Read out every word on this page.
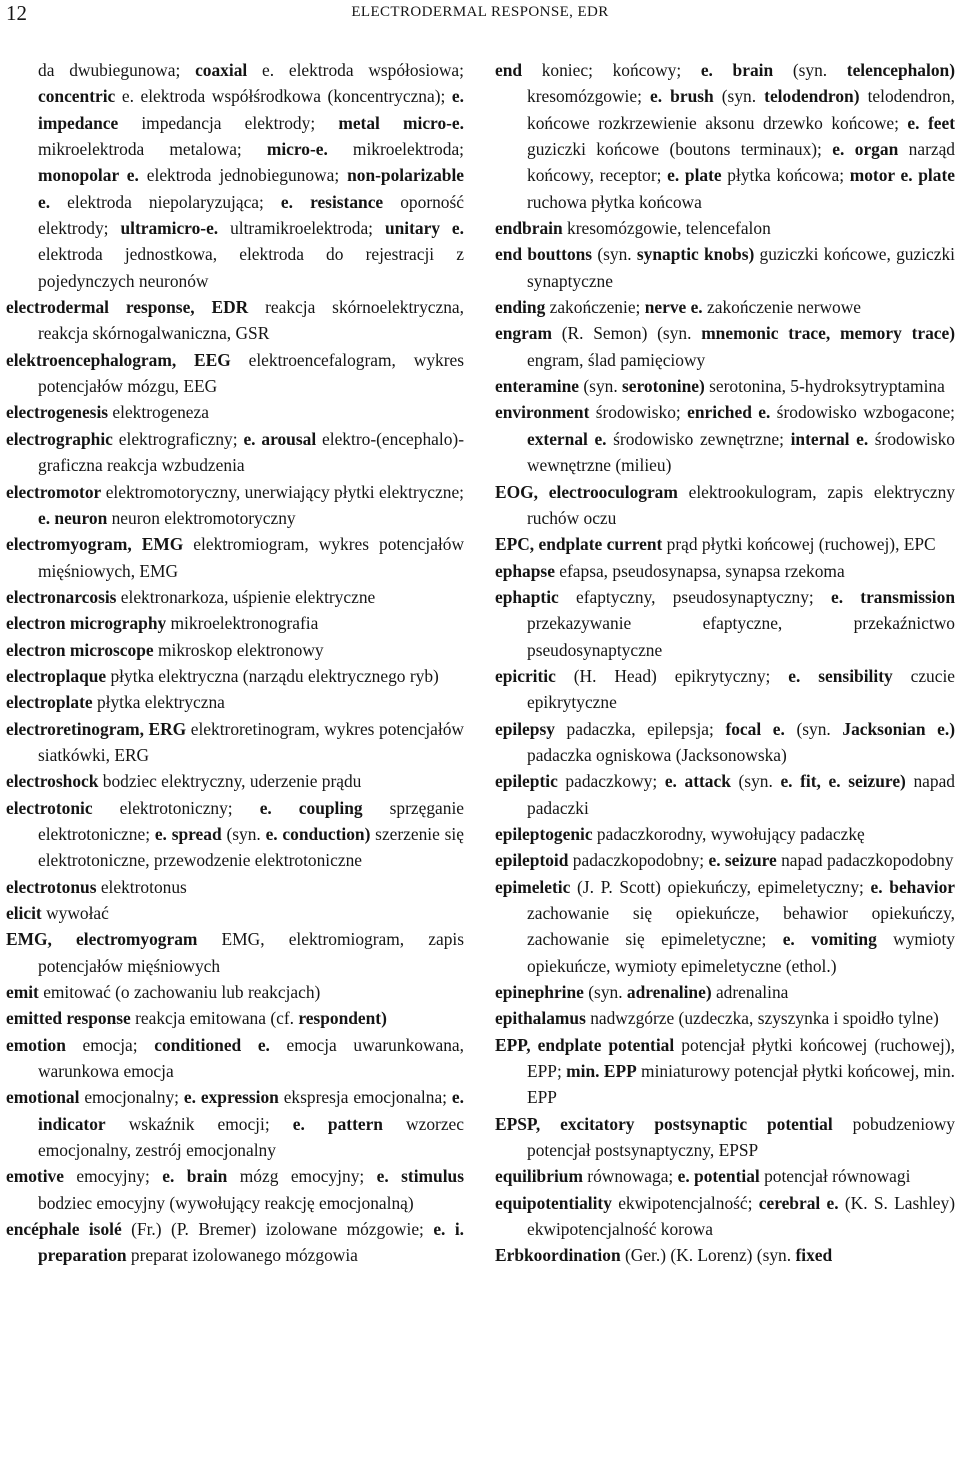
12	ELECTRODERMAL RESPONSE, EDR

da dwubiegunowa; coaxial e. elektroda współosiowa; concentric e. elektroda współśrodkowa (koncentryczna); e. impedance impedancja elektrody; metal micro-e. mikroelektroda metalowa; micro-e. mikroelektroda; monopolar e. elektroda jednobiegunowa; non-polarizable e. elektroda niepolaryzująca; e. resistance oporność elektrody; ultramicro-e. ultramikroelektroda; unitary e. elektroda jednostkowa, elektroda do rejestracji z pojedynczych neuronów

electrodermal response, EDR reakcja skórnoelektryczna, reakcja skórnogalwaniczna, GSR

elektroencephalogram, EEG elektroencefalogram, wykres potencjałów mózgu, EEG

electrogenesis elektrogeneza

electrographic elektrograficzny; e. arousal elektro-(encephalo)-graficzna reakcja wzbudzenia

electromotor elektromotoryczny, unerwiający płytki elektryczne; e. neuron neuron elektromotoryczny

electromyogram, EMG elektromiogram, wykres potencjałów mięśniowych, EMG

electronarcosis elektronarkoza, uśpienie elektryczne

electron micrography mikroelektronografia

electron microscope mikroskop elektronowy

electroplaque płytka elektryczna (narządu elektrycznego ryb)

electroplate płytka elektryczna

electroretinogram, ERG elektroretinogram, wykres potencjałów siatkówki, ERG

electroshock bodziec elektryczny, uderzenie prądu

electrotonic elektrotoniczny; e. coupling sprzęganie elektrotoniczne; e. spread (syn. e. conduction) szerzenie się elektrotoniczne, przewodzenie elektrotoniczne

electrotonus elektrotonus

elicit wywołać

EMG, electromyogram EMG, elektromiogram, zapis potencjałów mięśniowych

emit emitować (o zachowaniu lub reakcjach)

emitted response reakcja emitowana (cf. respondent)

emotion emocja; conditioned e. emocja uwarunkowana, warunkowa emocja

emotional emocjonalny; e. expression ekspresja emocjonalna; e. indicator wskaźnik emocji; e. pattern wzorzec emocjonalny, zestrój emocjonalny

emotive emocyjny; e. brain mózg emocyjny; e. stimulus bodziec emocyjny (wywołujący reakcję emocjonalną)

encéphale isolé (Fr.) (P. Bremer) izolowane mózgowie; e. i. preparation preparat izolowanego mózgowia

end koniec; końcowy; e. brain (syn. telencephalon) kresomózgowie; e. brush (syn. telodendron) telodendron, końcowe rozkrzewienie aksonu drzewko końcowe; e. feet guziczki końcowe (boutons terminaux); e. organ narząd końcowy, receptor; e. plate płytka końcowa; motor e. plate ruchowa płytka końcowa

endbrain kresomózgowie, telencefalon

end bouttons (syn. synaptic knobs) guziczki końcowe, guziczki synaptyczne

ending zakończenie; nerve e. zakończenie nerwowe

engram (R. Semon) (syn. mnemonic trace, memory trace) engram, ślad pamięciowy

enteramine (syn. serotonine) serotonina, 5-hydroksytryptamina

environment środowisko; enriched e. środowisko wzbogacone; external e. środowisko zewnętrzne; internal e. środowisko wewnętrzne (milieu)

EOG, electrooculogram elektrookulogram, zapis elektryczny ruchów oczu

EPC, endplate current prąd płytki końcowej (ruchowej), EPC

ephapse efapsa, pseudosynapsa, synapsa rzekoma

ephaptic efaptyczny, pseudosynaptyczny; e. transmission przekazywanie efaptyczne, przekaźnictwo pseudosynaptyczne

epicritic (H. Head) epikrytyczny; e. sensibility czucie epikrytyczne

epilepsy padaczka, epilepsja; focal e. (syn. Jacksonian e.) padaczka ogniskowa (Jacksonowska)

epileptic padaczkowy; e. attack (syn. e. fit, e. seizure) napad padaczki

epileptogenic padaczkorodny, wywołujący padaczkę

epileptoid padaczkopodobny; e. seizure napad padaczkopodobny

epimeletic (J. P. Scott) opiekuńczy, epimeletyczny; e. behavior zachowanie się opiekuńcze, behawior opiekuńczy, zachowanie się epimeletyczne; e. vomiting wymioty opiekuńcze, wymioty epimeletyczne (ethol.)

epinephrine (syn. adrenaline) adrenalina

epithalamus nadwzgórze (uzdeczka, szyszynka i spoidło tylne)

EPP, endplate potential potencjał płytki końcowej (ruchowej), EPP; min. EPP miniaturowy potencjał płytki końcowej, min. EPP

EPSP, excitatory postsynaptic potential pobudzeniowy potencjał postsynaptyczny, EPSP

equilibrium równowaga; e. potential potencjał równowagi

equipotentiality ekwipotencjalność; cerebral e. (K. S. Lashley) ekwipotencjalność korowa

Erbkoordination (Ger.) (K. Lorenz) (syn. fixed
